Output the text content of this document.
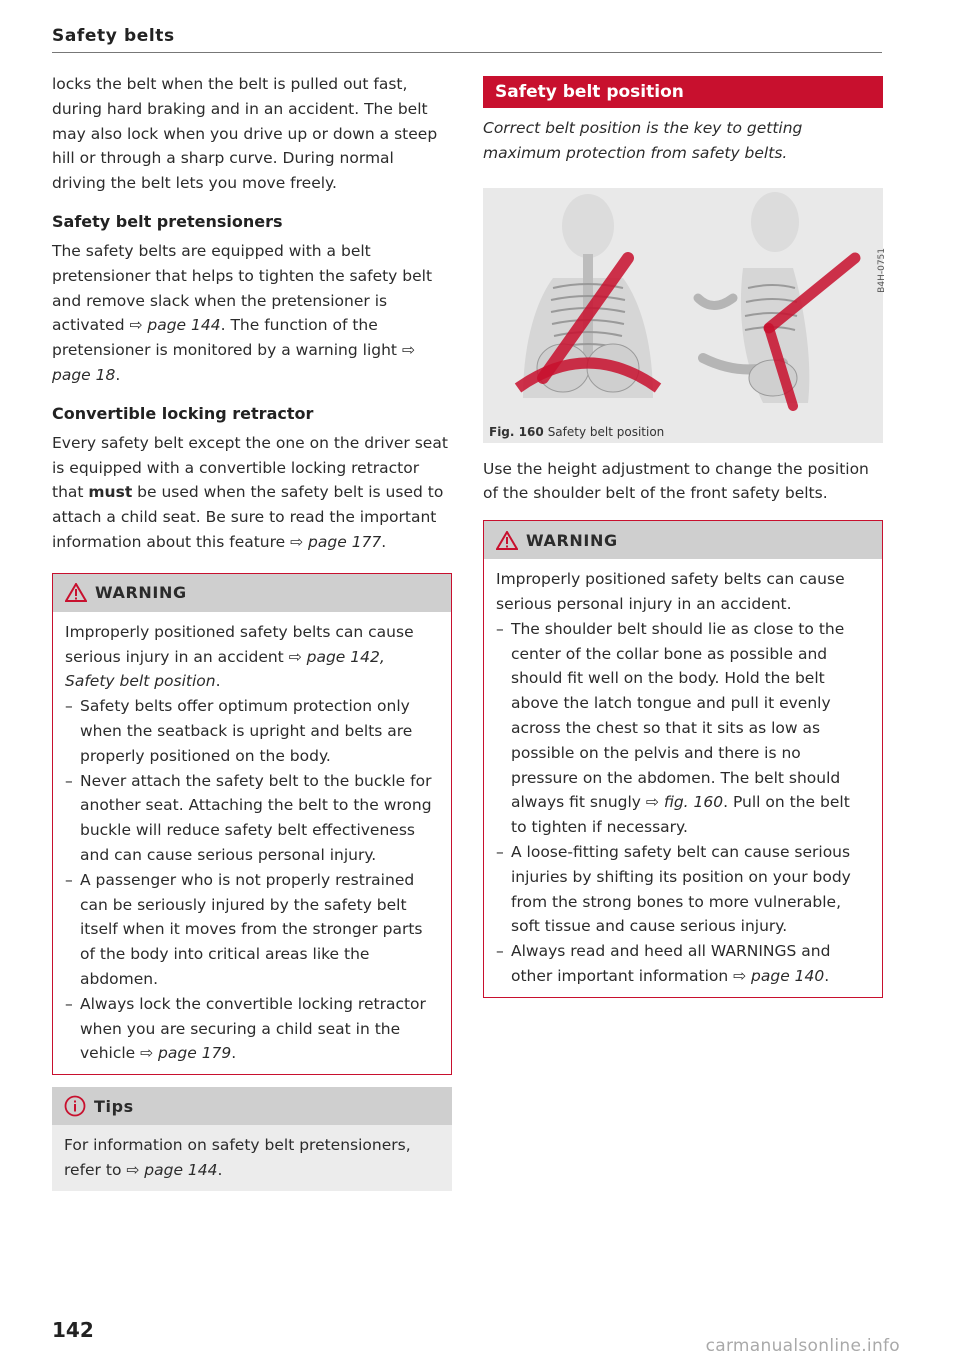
Safety belts

locks the belt when the belt is pulled out fast, during hard braking and in an accident. The belt may also lock when you drive up or down a steep hill or through a sharp curve. During normal driving the belt lets you move freely.

Safety belt pretensioners

The safety belts are equipped with a belt pretensioner that helps to tighten the safety belt and remove slack when the pretensioner is activated ⇨ page 144. The function of the pretensioner is monitored by a warning light ⇨ page 18.

Convertible locking retractor

Every safety belt except the one on the driver seat is equipped with a convertible locking retractor that must be used when the safety belt is used to attach a child seat. Be sure to read the important information about this feature ⇨ page 177.

WARNING

Improperly positioned safety belts can cause serious injury in an accident ⇨ page 142, Safety belt position.

– Safety belts offer optimum protection only when the seatback is upright and belts are properly positioned on the body.
– Never attach the safety belt to the buckle for another seat. Attaching the belt to the wrong buckle will reduce safety belt effectiveness and can cause serious personal injury.
– A passenger who is not properly restrained can be seriously injured by the safety belt itself when it moves from the stronger parts of the body into critical areas like the abdomen.
– Always lock the convertible locking retractor when you are securing a child seat in the vehicle ⇨ page 179.
Tips

For information on safety belt pretensioners, refer to ⇨ page 144.

Safety belt position

Correct belt position is the key to getting maximum protection from safety belts.

B4H-0751
Fig. 160 Safety belt position

Use the height adjustment to change the position of the shoulder belt of the front safety belts.

WARNING

Improperly positioned safety belts can cause serious personal injury in an accident.

– The shoulder belt should lie as close to the center of the collar bone as possible and should fit well on the body. Hold the belt above the latch tongue and pull it evenly across the chest so that it sits as low as possible on the pelvis and there is no pressure on the abdomen. The belt should always fit snugly ⇨ fig. 160. Pull on the belt to tighten if necessary.
– A loose-fitting safety belt can cause serious injuries by shifting its position on your body from the strong bones to more vulnerable, soft tissue and cause serious injury.
– Always read and heed all WARNINGS and other important information ⇨ page 140.
142
carmanualsonline.info
